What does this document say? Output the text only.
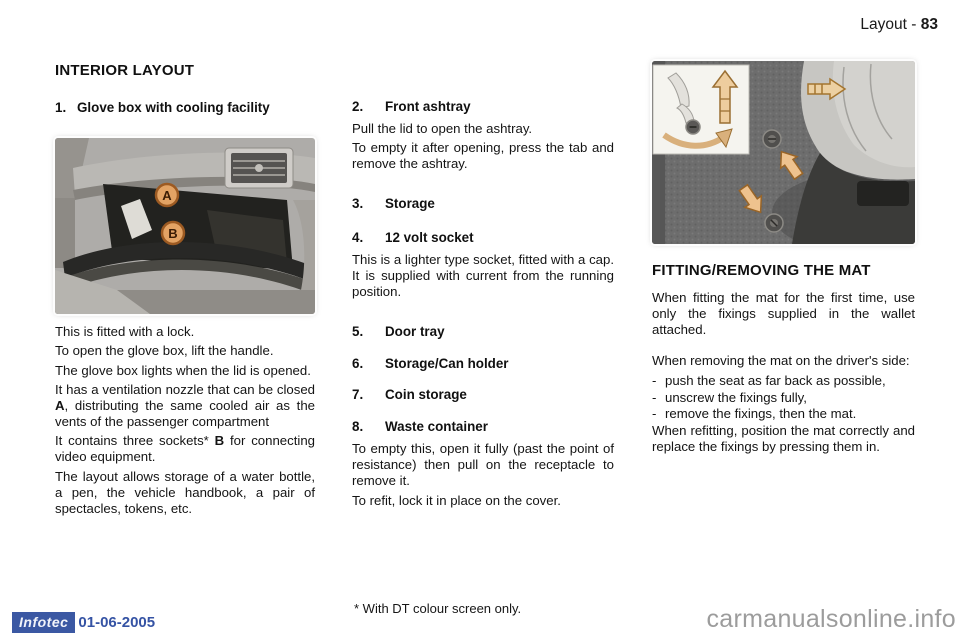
Layout - 83
INTERIOR LAYOUT
1. Glove box with cooling facility
A
B

This is fitted with a lock.

To open the glove box, lift the handle.

The glove box lights when the lid is opened.

It has a ventilation nozzle that can be closed A, distributing the same cooled air as the vents of the passenger compartment

It contains three sockets* B for connecting video equipment.

The layout allows storage of a water bottle, a pen, the vehicle handbook, a pair of spectacles, tokens, etc.

2. Front ashtray

Pull the lid to open the ashtray.

To empty it after opening, press the tab and remove the ashtray.

3. Storage
4. 12 volt socket

This is a lighter type socket, fitted with a cap. It is supplied with current from the running position.

5. Door tray
6. Storage/Can holder
7. Coin storage
8. Waste container

To empty this, open it fully (past the point of resistance) then pull on the receptacle to remove it.

To refit, lock it in place on the cover.

FITTING/REMOVING THE MAT

When fitting the mat for the first time, use only the fixings supplied in the wallet attached.

When removing the mat on the driver's side:

- push the seat as far back as possible,
- unscrew the fixings fully,
- remove the fixings, then the mat.

When refitting, position the mat correctly and replace the fixings by pressing them in.

* With DT colour screen only.
Infotec 01-06-2005	carmanualsonline.info
